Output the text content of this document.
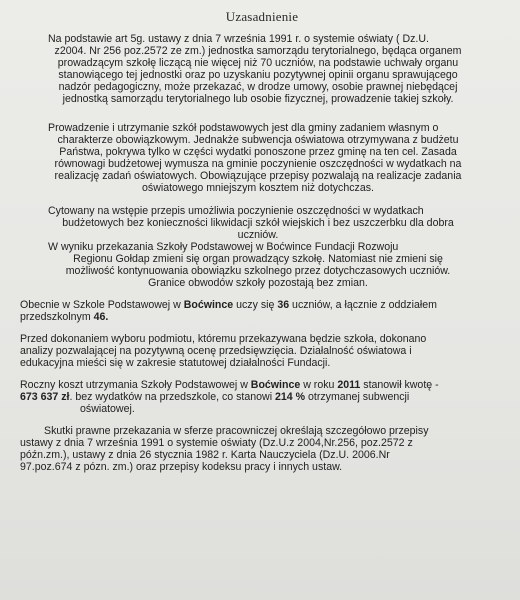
Uzasadnienie
Na podstawie art 5g. ustawy z dnia 7 września 1991 r. o systemie oświaty ( Dz.U.
z2004. Nr 256 poz.2572 ze zm.) jednostka samorządu terytorialnego, będąca organem
prowadzącym szkołę liczącą nie więcej niż 70 uczniów, na podstawie uchwały organu
stanowiącego tej jednostki oraz po uzyskaniu pozytywnej opinii organu sprawującego
nadzór pedagogiczny, może przekazać, w drodze umowy, osobie prawnej niebędącej
jednostką samorządu terytorialnego lub osobie fizycznej, prowadzenie takiej szkoły.
Prowadzenie i utrzymanie szkół podstawowych jest dla gminy zadaniem własnym o
charakterze obowiązkowym. Jednakże subwencja oświatowa otrzymywana z budżetu
Państwa, pokrywa tylko w części wydatki ponoszone przez gminę na ten cel. Zasada
równowagi budżetowej wymusza na gminie poczynienie oszczędności w wydatkach na
realizację zadań oświatowych. Obowiązujące przepisy pozwalają na realizacje zadania
oświatowego mniejszym kosztem niż dotychczas.
Cytowany na wstępie przepis umożliwia poczynienie oszczędności w wydatkach
budżetowych bez konieczności likwidacji szkół wiejskich i bez uszczerbku dla dobra
uczniów.
W wyniku przekazania Szkoły Podstawowej w Boćwince Fundacji Rozwoju
Regionu Gołdap zmieni się organ prowadzący szkołę. Natomiast nie zmieni się
możliwość kontynuowania obowiązku szkolnego przez dotychczasowych uczniów.
Granice obwodów szkoły pozostają bez zmian.
Obecnie w Szkole Podstawowej w Boćwince uczy się 36 uczniów, a łącznie z oddziałem
przedszkolnym 46.
Przed dokonaniem wyboru podmiotu, któremu przekazywana będzie szkoła, dokonano
analizy pozwalającej na pozytywną ocenę przedsięwzięcia. Działalność oświatowa i
edukacyjna mieści się w zakresie statutowej działalności Fundacji.
Roczny koszt utrzymania Szkoły Podstawowej w Boćwince w roku 2011 stanowił kwotę -
673 637 zł. bez wydatków na przedszkole, co stanowi 214 % otrzymanej subwencji
oświatowej.
Skutki prawne przekazania w sferze pracowniczej określają szczegółowo przepisy
ustawy z dnia 7 września 1991 o systemie oświaty (Dz.U.z 2004,Nr.256, poz.2572 z
późn.zm.), ustawy z dnia 26 stycznia 1982 r. Karta Nauczyciela (Dz.U. 2006.Nr
97.poz.674 z pózn. zm.) oraz przepisy kodeksu pracy i innych ustaw.
